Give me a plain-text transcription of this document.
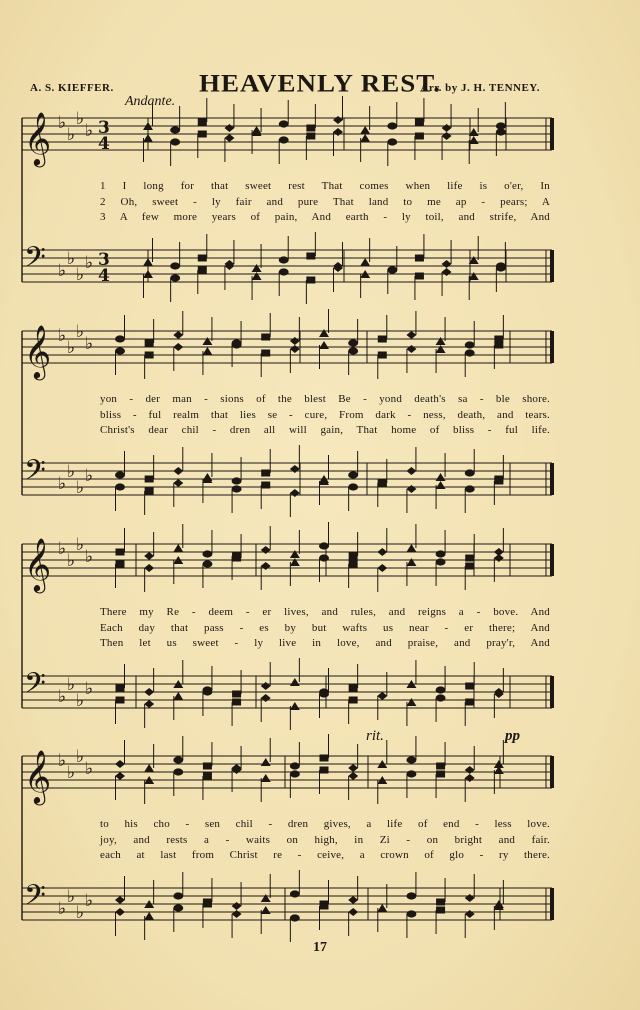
A. S. KIEFFER.	HEAVENLY REST.
Arr. by J. H. TENNEY.
Andante.
𝄞 ♭
♭
♭
♭ 3
4
𝄢 ♭
♭
♭
♭ 3
4
𝄞 ♭
♭
♭
♭
𝄢 ♭
♭
♭
♭
𝄞 ♭
♭
♭
♭
𝄢 ♭
♭
♭
♭
𝄞 ♭
♭
♭
♭
𝄢 ♭
♭
♭
♭
rit.	pp
1 I long for that sweet rest That comes when life is o'er, In
2 Oh, sweet - ly fair and pure That land to me ap - pears; A
3 A few more years of pain, And earth - ly toil, and strife, And
yon - der man - sions of the blest Be - yond death's sa - ble shore.
bliss - ful realm that lies se - cure, From dark - ness, death, and tears.
Christ's dear chil - dren all will gain, That home of bliss - ful life.
There my Re - deem - er lives, and rules, and reigns a - bove. And
Each day that pass - es by but wafts us near - er there; And
Then let us sweet - ly live in love, and praise, and pray'r, And
to his cho - sen chil - dren gives, a life of end - less love.
joy, and rests a - waits on high, in Zi - on bright and fair.
each at last from Christ re - ceive, a crown of glo - ry there.
17
